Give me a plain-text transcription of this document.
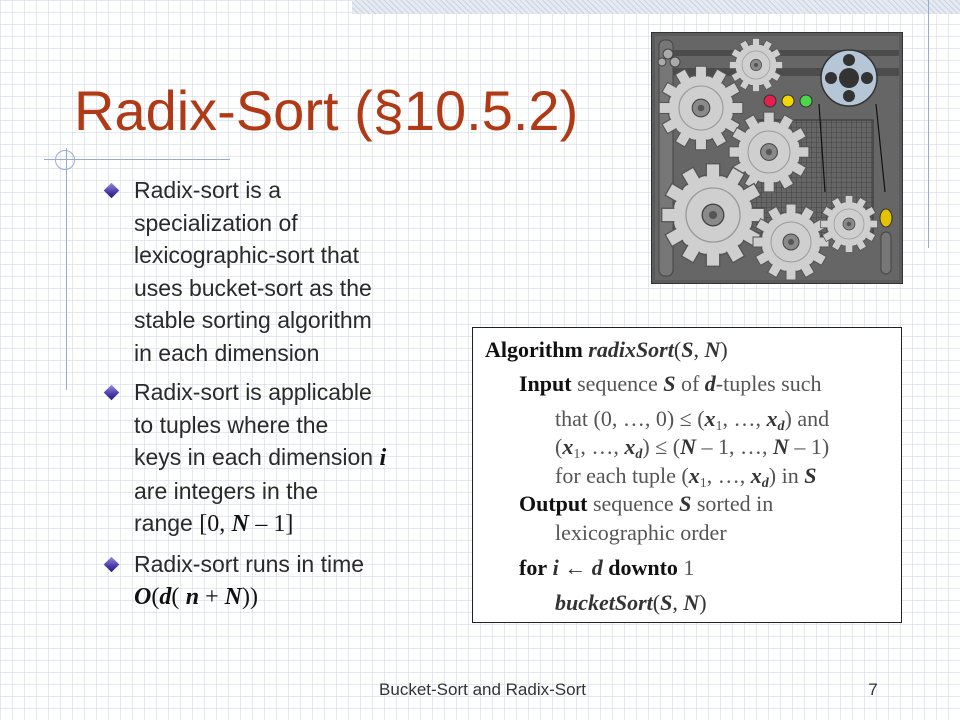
Radix-Sort (§10.5.2)
Radix-sort is a
specialization of
lexicographic-sort that
uses bucket-sort as the
stable sorting algorithm
in each dimension
Radix-sort is applicable
to tuples where the
keys in each dimension i
are integers in the
range [0, N – 1]
Radix-sort runs in time
O(d( n + N))
Algorithm radixSort(S, N)
Input sequence S of d-tuples such
that (0, …, $0) \le (x_1$, …, $x_d$) and
($x_1$, …, $x_d) \le (N - 1$, …, N – 1)
for each tuple ($x_1$, …, $x_d$) in S
Output sequence S sorted in
lexicographic order
for i ← d downto 1
bucketSort(S, N)
Bucket-Sort and Radix-Sort	7
